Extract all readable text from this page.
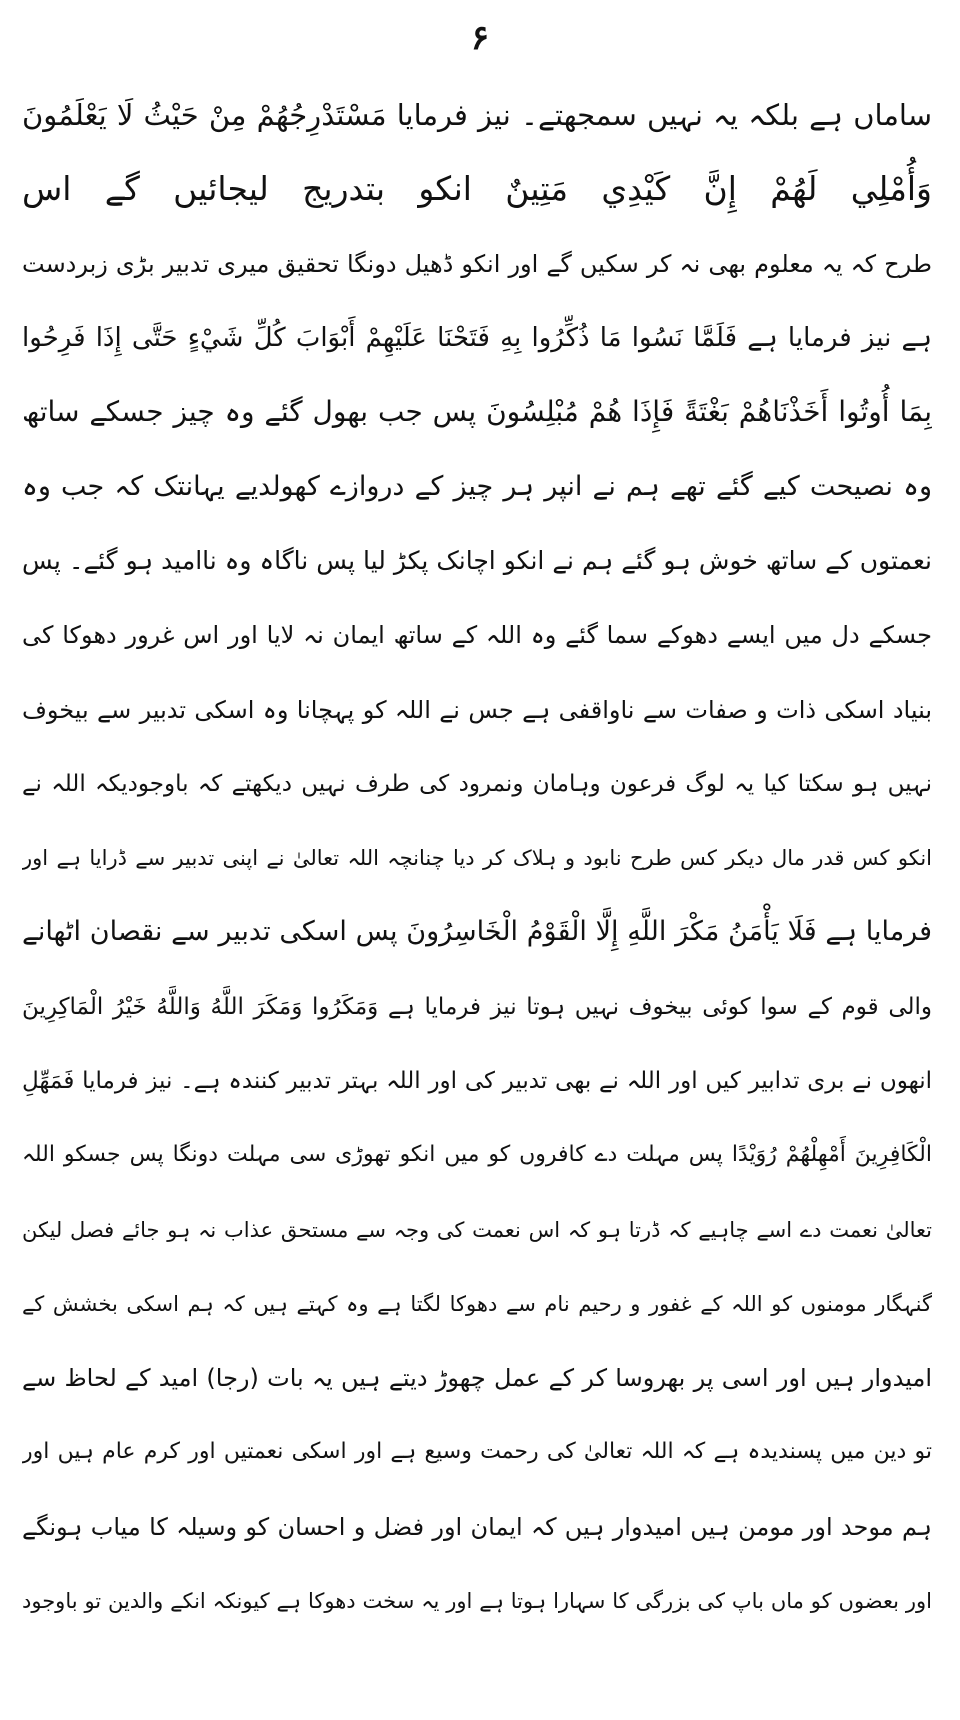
۶
ساماں ہے بلکہ یہ نہیں سمجھتے۔ نیز فرمایا مَسْتَدْرِجُهُمْ مِنْ حَيْثُ لَا يَعْلَمُونَ
وَأُمْلِي لَهُمْ إِنَّ كَيْدِي مَتِينٌ انکو بتدریج لیجائیں گے اس
طرح کہ یہ معلوم بھی نہ کر سکیں گے اور انکو ڈھیل دونگا تحقیق میری تدبیر بڑی زبردست
ہے نیز فرمایا ہے فَلَمَّا نَسُوا مَا ذُكِّرُوا بِهِ فَتَحْنَا عَلَيْهِمْ أَبْوَابَ كُلِّ شَيْءٍ حَتَّى إِذَا فَرِحُوا
بِمَا أُوتُوا أَخَذْنَاهُمْ بَغْتَةً فَإِذَا هُمْ مُبْلِسُونَ پس جب بھول گئے وہ چیز جسکے ساتھ
وہ نصیحت کیے گئے تھے ہم نے انپر ہر چیز کے دروازے کھولدیے یہانتک کہ جب وہ
نعمتوں کے ساتھ خوش ہو گئے ہم نے انکو اچانک پکڑ لیا پس ناگاہ وہ ناامید ہو گئے۔ پس
جسکے دل میں ایسے دھوکے سما گئے وہ اللہ کے ساتھ ایمان نہ لایا اور اس غرور دھوکا کی
بنیاد اسکی ذات و صفات سے ناواقفی ہے جس نے اللہ کو پہچانا وہ اسکی تدبیر سے بیخوف
نہیں ہو سکتا کیا یہ لوگ فرعون وہامان ونمرود کی طرف نہیں دیکھتے کہ باوجودیکہ اللہ نے
انکو کس قدر مال دیکر کس طرح نابود و ہلاک کر دیا چنانچہ اللہ تعالیٰ نے اپنی تدبیر سے ڈرایا ہے اور
فرمایا ہے فَلَا يَأْمَنُ مَكْرَ اللَّهِ إِلَّا الْقَوْمُ الْخَاسِرُونَ پس اسکی تدبیر سے نقصان اٹھانے
والی قوم کے سوا کوئی بیخوف نہیں ہوتا نیز فرمایا ہے وَمَكَرُوا وَمَكَرَ اللَّهُ وَاللَّهُ خَيْرُ الْمَاكِرِينَ
انھوں نے بری تدابیر کیں اور اللہ نے بھی تدبیر کی اور اللہ بہتر تدبیر کنندہ ہے۔ نیز فرمایا فَمَهِّلِ
الْكَافِرِينَ أَمْهِلْهُمْ رُوَيْدًا پس مہلت دے کافروں کو میں انکو تھوڑی سی مہلت دونگا پس جسکو اللہ
تعالیٰ نعمت دے اسے چاہیے کہ ڈرتا ہو کہ اس نعمت کی وجہ سے مستحق عذاب نہ ہو جائے فصل لیکن
گنہگار مومنوں کو اللہ کے غفور و رحیم نام سے دھوکا لگتا ہے وہ کہتے ہیں کہ ہم اسکی بخشش کے
امیدوار ہیں اور اسی پر بھروسا کر کے عمل چھوڑ دیتے ہیں یہ بات (رجا) امید کے لحاظ سے
تو دین میں پسندیدہ ہے کہ اللہ تعالیٰ کی رحمت وسیع ہے اور اسکی نعمتیں اور کرم عام ہیں اور
ہم موحد اور مومن ہیں امیدوار ہیں کہ ایمان اور فضل و احسان کو وسیلہ کا میاب ہونگے
اور بعضوں کو ماں باپ کی بزرگی کا سہارا ہوتا ہے اور یہ سخت دھوکا ہے کیونکہ انکے والدین تو باوجود
